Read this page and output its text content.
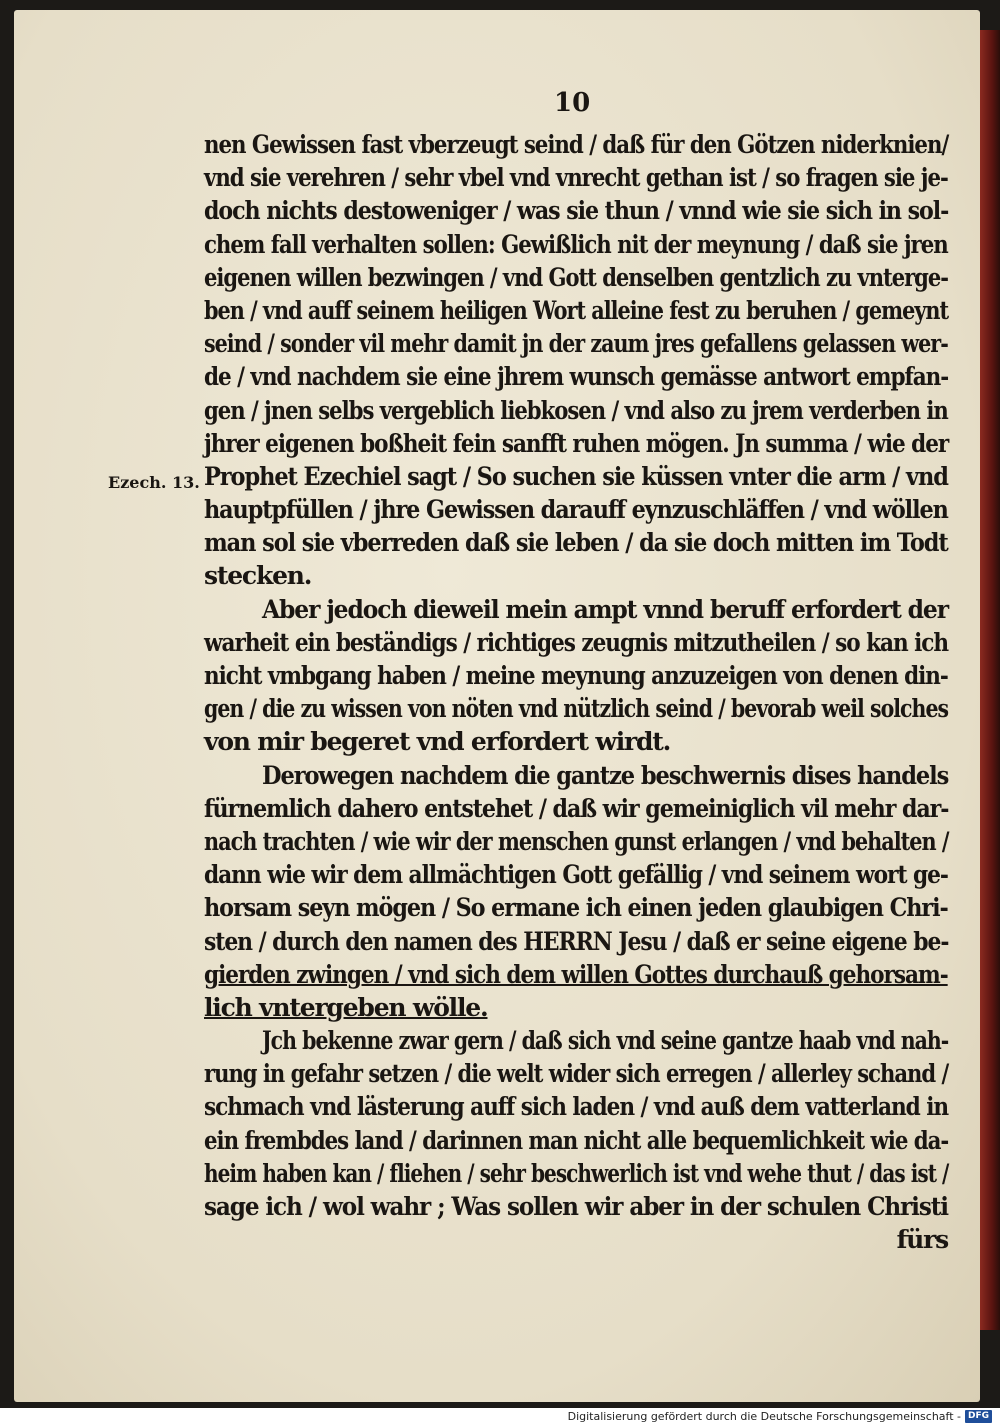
10
Ezech. 13.
nen Gewissen fast vberzeugt seind / daß für den Götzen niderknien/
vnd sie verehren / sehr vbel vnd vnrecht gethan ist / so fragen sie je-
doch nichts destoweniger / was sie thun / vnnd wie sie sich in sol-
chem fall verhalten sollen: Gewißlich nit der meynung / daß sie jren
eigenen willen bezwingen / vnd Gott denselben gentzlich zu vnterge-
ben / vnd auff seinem heiligen Wort alleine fest zu beruhen / gemeynt
seind / sonder vil mehr damit jn der zaum jres gefallens gelassen wer-
de / vnd nachdem sie eine jhrem wunsch gemässe antwort empfan-
gen / jnen selbs vergeblich liebkosen / vnd also zu jrem verderben in
jhrer eigenen boßheit fein sanfft ruhen mögen. Jn summa / wie der
Prophet Ezechiel sagt / So suchen sie küssen vnter die arm / vnd
hauptpfüllen / jhre Gewissen darauff eynzuschläffen / vnd wöllen
man sol sie vberreden daß sie leben / da sie doch mitten im Todt
stecken.
Aber jedoch dieweil mein ampt vnnd beruff erfordert der
warheit ein beständigs / richtiges zeugnis mitzutheilen / so kan ich
nicht vmbgang haben / meine meynung anzuzeigen von denen din-
gen / die zu wissen von nöten vnd nützlich seind / bevorab weil solches
von mir begeret vnd erfordert wirdt.
Derowegen nachdem die gantze beschwernis dises handels
fürnemlich dahero entstehet / daß wir gemeiniglich vil mehr dar-
nach trachten / wie wir der menschen gunst erlangen / vnd behalten /
dann wie wir dem allmächtigen Gott gefällig / vnd seinem wort ge-
horsam seyn mögen / So ermane ich einen jeden glaubigen Chri-
sten / durch den namen des HERRN Jesu / daß er seine eigene be-
gierden zwingen / vnd sich dem willen Gottes durchauß gehorsam-
lich vntergeben wölle.
Jch bekenne zwar gern / daß sich vnd seine gantze haab vnd nah-
rung in gefahr setzen / die welt wider sich erregen / allerley schand /
schmach vnd lästerung auff sich laden / vnd auß dem vatterland in
ein frembdes land / darinnen man nicht alle bequemlichkeit wie da-
heim haben kan / fliehen / sehr beschwerlich ist vnd wehe thut / das ist /
sage ich / wol wahr ; Was sollen wir aber in der schulen Christi
fürs
Digitalisierung gefördert durch die Deutsche Forschungsgemeinschaft - DFG
